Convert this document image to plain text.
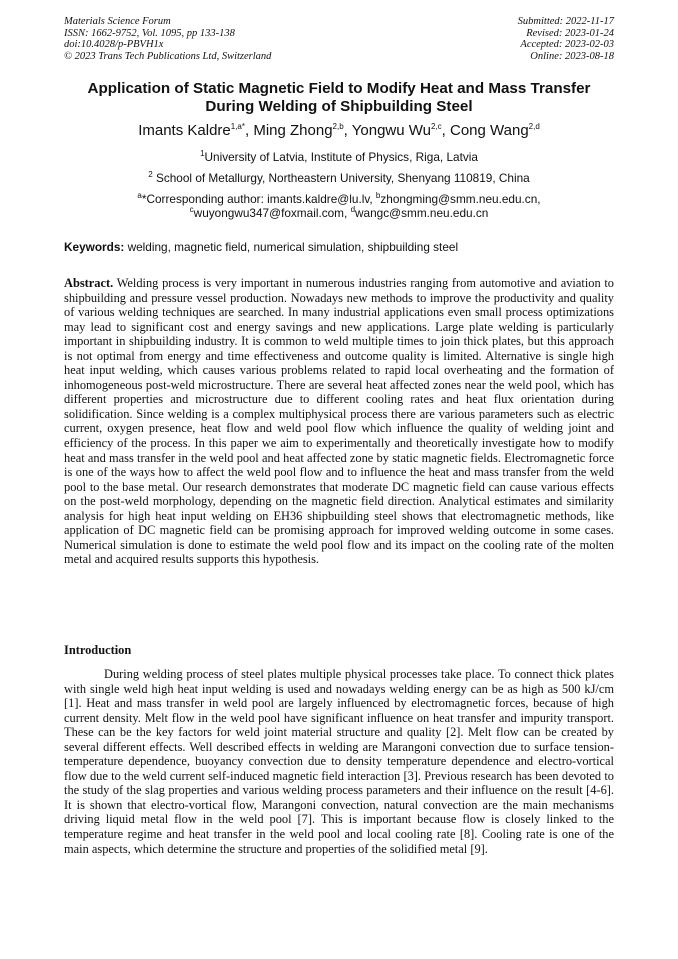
Materials Science Forum
ISSN: 1662-9752, Vol. 1095, pp 133-138
doi:10.4028/p-PBVH1x
© 2023 Trans Tech Publications Ltd, Switzerland
Submitted: 2022-11-17
Revised: 2023-01-24
Accepted: 2023-02-03
Online: 2023-08-18
Application of Static Magnetic Field to Modify Heat and Mass Transfer During Welding of Shipbuilding Steel
Imants Kaldre$^{1,a*}$, Ming Zhong$^{2,b}$, Yongwu Wu$^{2,c}$, Cong Wang$^{2,d}$
$^1$University of Latvia, Institute of Physics, Riga, Latvia
$^2$ School of Metallurgy, Northeastern University, Shenyang 110819, China
$^a$*Corresponding author: imants.kaldre@lu.lv, $^b$zhongming@smm.neu.edu.cn,
$^c$wuyongwu347@foxmail.com, $^d$wangc@smm.neu.edu.cn
Keywords: welding, magnetic field, numerical simulation, shipbuilding steel
Abstract. Welding process is very important in numerous industries ranging from automotive and aviation to shipbuilding and pressure vessel production. Nowadays new methods to improve the productivity and quality of various welding techniques are searched. In many industrial applications even small process optimizations may lead to significant cost and energy savings and new applications. Large plate welding is particularly important in shipbuilding industry. It is common to weld multiple times to join thick plates, but this approach is not optimal from energy and time effectiveness and outcome quality is limited. Alternative is single high heat input welding, which causes various problems related to rapid local overheating and the formation of inhomogeneous post-weld microstructure. There are several heat affected zones near the weld pool, which has different properties and microstructure due to different cooling rates and heat flux orientation during solidification. Since welding is a complex multiphysical process there are various parameters such as electric current, oxygen presence, heat flow and weld pool flow which influence the quality of welding joint and efficiency of the process. In this paper we aim to experimentally and theoretically investigate how to modify heat and mass transfer in the weld pool and heat affected zone by static magnetic fields. Electromagnetic force is one of the ways how to affect the weld pool flow and to influence the heat and mass transfer from the weld pool to the base metal. Our research demonstrates that moderate DC magnetic field can cause various effects on the post-weld morphology, depending on the magnetic field direction. Analytical estimates and similarity analysis for high heat input welding on EH36 shipbuilding steel shows that electromagnetic methods, like application of DC magnetic field can be promising approach for improved welding outcome in some cases. Numerical simulation is done to estimate the weld pool flow and its impact on the cooling rate of the molten metal and acquired results supports this hypothesis.
Introduction
During welding process of steel plates multiple physical processes take place. To connect thick plates with single weld high heat input welding is used and nowadays welding energy can be as high as 500 kJ/cm [1]. Heat and mass transfer in weld pool are largely influenced by electromagnetic forces, because of high current density. Melt flow in the weld pool have significant influence on heat transfer and impurity transport. These can be the key factors for weld joint material structure and quality [2]. Melt flow can be created by several different effects. Well described effects in welding are Marangoni convection due to surface tension-temperature dependence, buoyancy convection due to density temperature dependence and electro-vortical flow due to the weld current self-induced magnetic field interaction [3]. Previous research has been devoted to the study of the slag properties and various welding process parameters and their influence on the result [4-6]. It is shown that electro-vortical flow, Marangoni convection, natural convection are the main mechanisms driving liquid metal flow in the weld pool [7]. This is important because flow is closely linked to the temperature regime and heat transfer in the weld pool and local cooling rate [8]. Cooling rate is one of the main aspects, which determine the structure and properties of the solidified metal [9].
